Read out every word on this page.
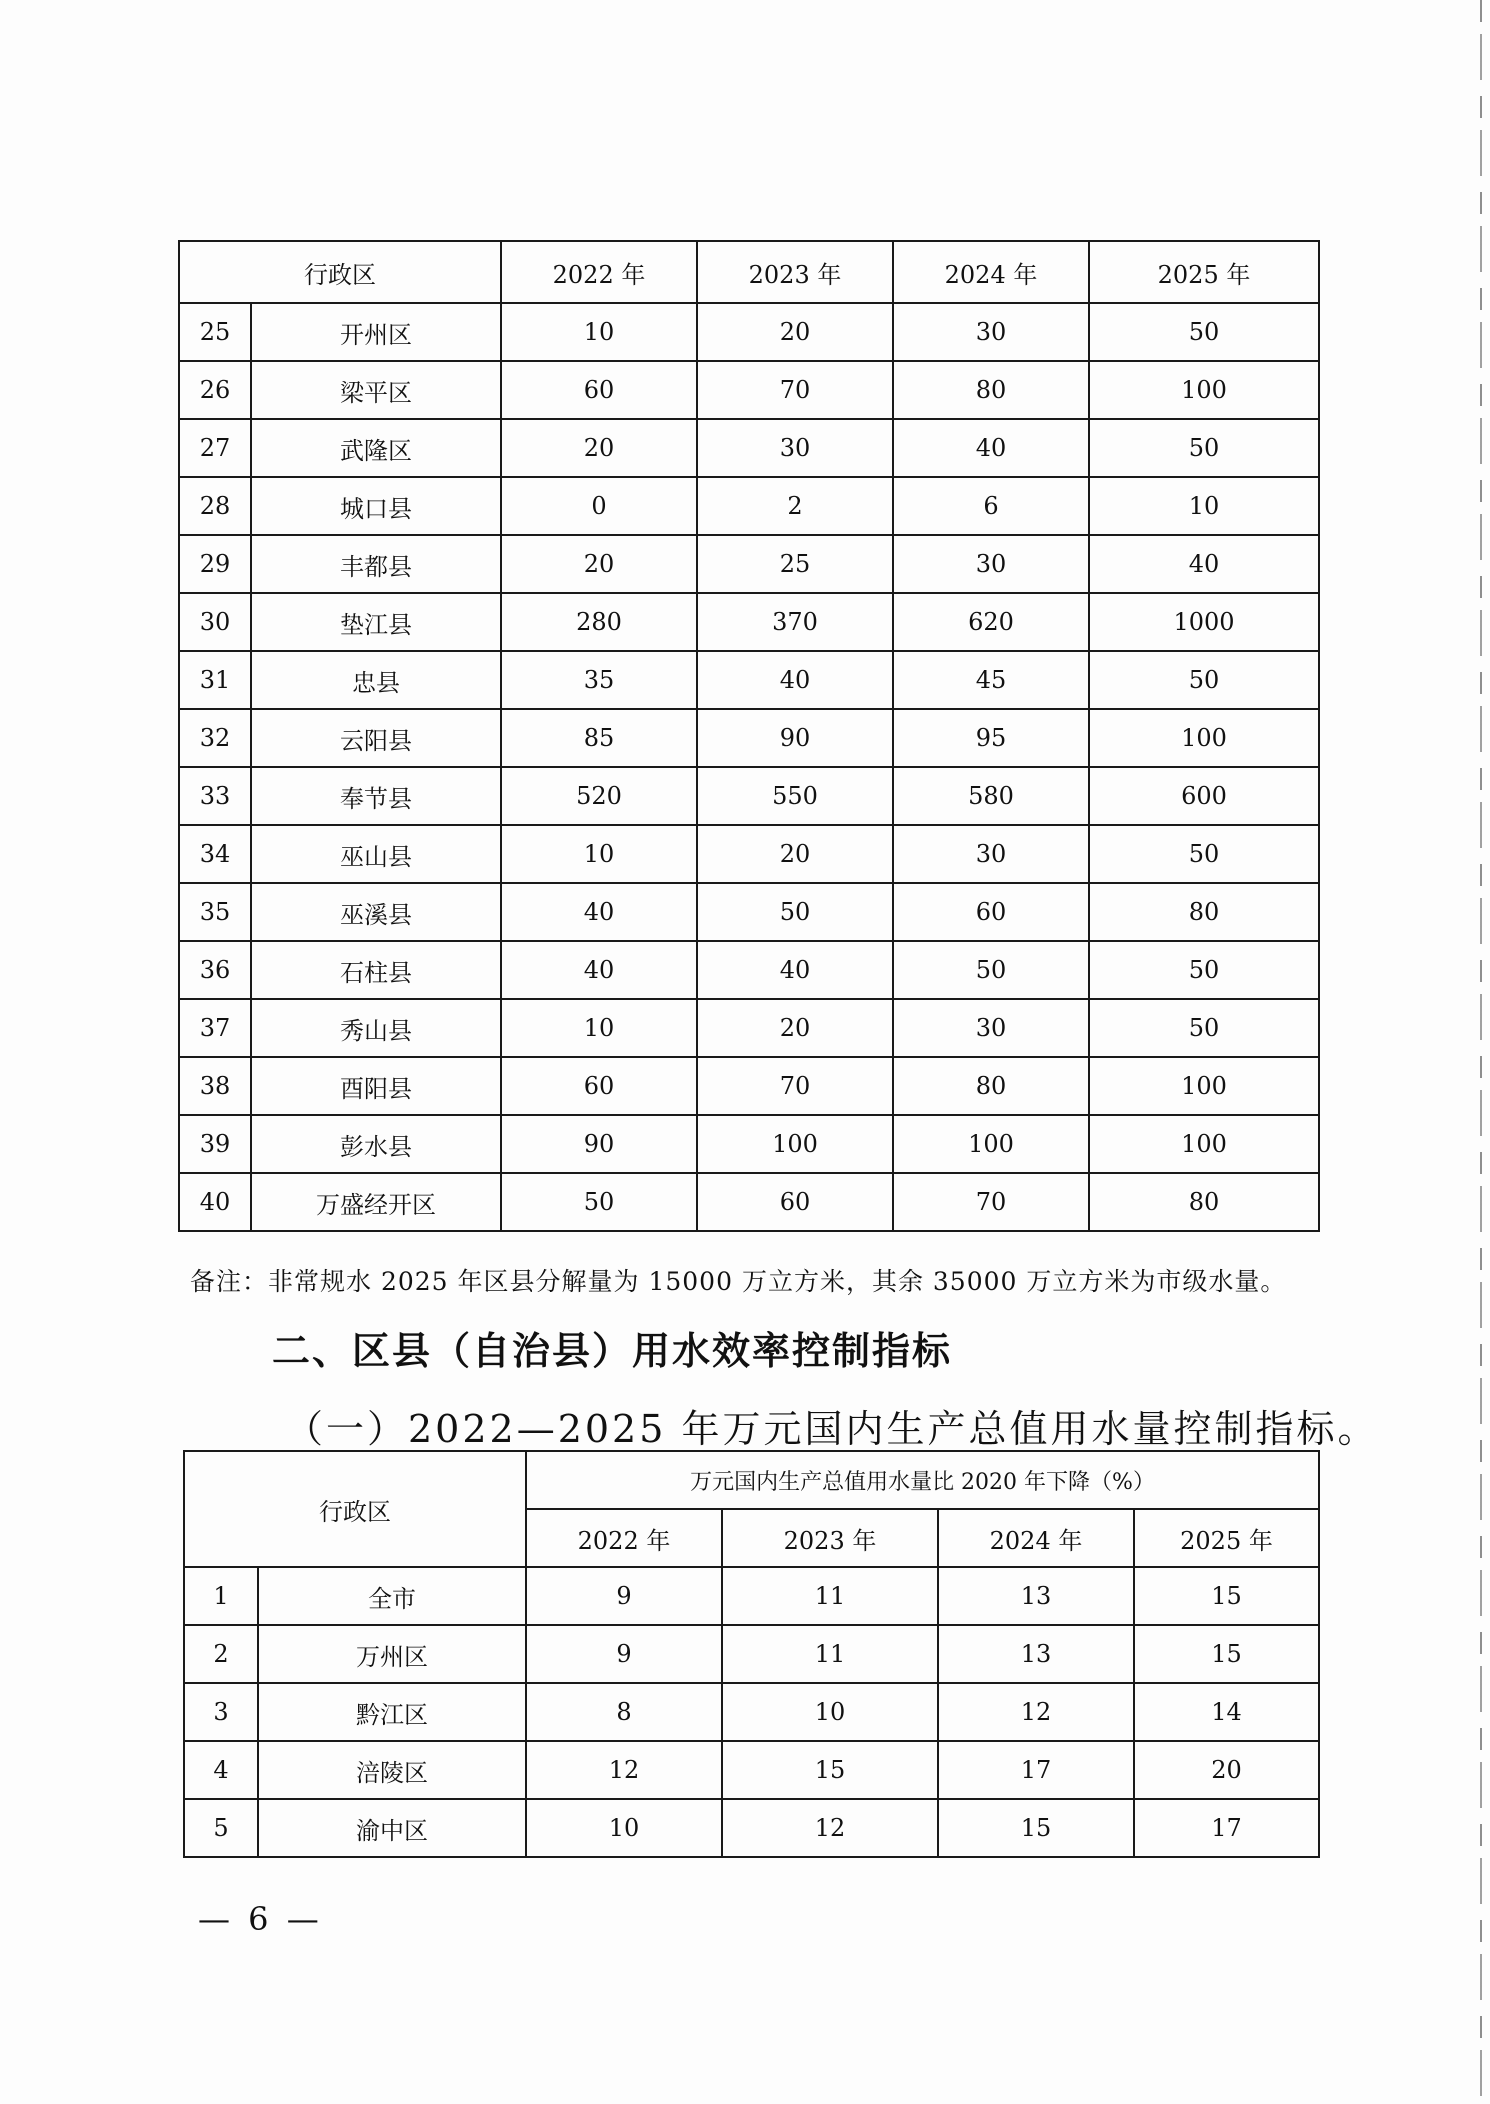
行政区		2022 年	2023 年	2024 年	2025 年
25	开州区	10	20	30	50
26	梁平区	60	70	80	100
27	武隆区	20	30	40	50
28	城口县	0	2	6	10
29	丰都县	20	25	30	40
30	垫江县	280	370	620	1000
31	忠县	35	40	45	50
32	云阳县	85	90	95	100
33	奉节县	520	550	580	600
34	巫山县	10	20	30	50
35	巫溪县	40	50	60	80
36	石柱县	40	40	50	50
37	秀山县	10	20	30	50
38	酉阳县	60	70	80	100
39	彭水县	90	100	100	100
40	万盛经开区	50	60	70	80
备注：非常规水 2025 年区县分解量为 15000 万立方米，其余 35000 万立方米为市级水量。
二、区县（自治县）用水效率控制指标
（一）2022—2025 年万元国内生产总值用水量控制指标。
行政区		万元国内生产总值用水量比 2020 年下降（%）			
		2022 年	2023 年	2024 年	2025 年
1	全市	9	11	13	15
2	万州区	9	11	13	15
3	黔江区	8	10	12	14
4	涪陵区	12	15	17	20
5	渝中区	10	12	15	17
— 6 —
